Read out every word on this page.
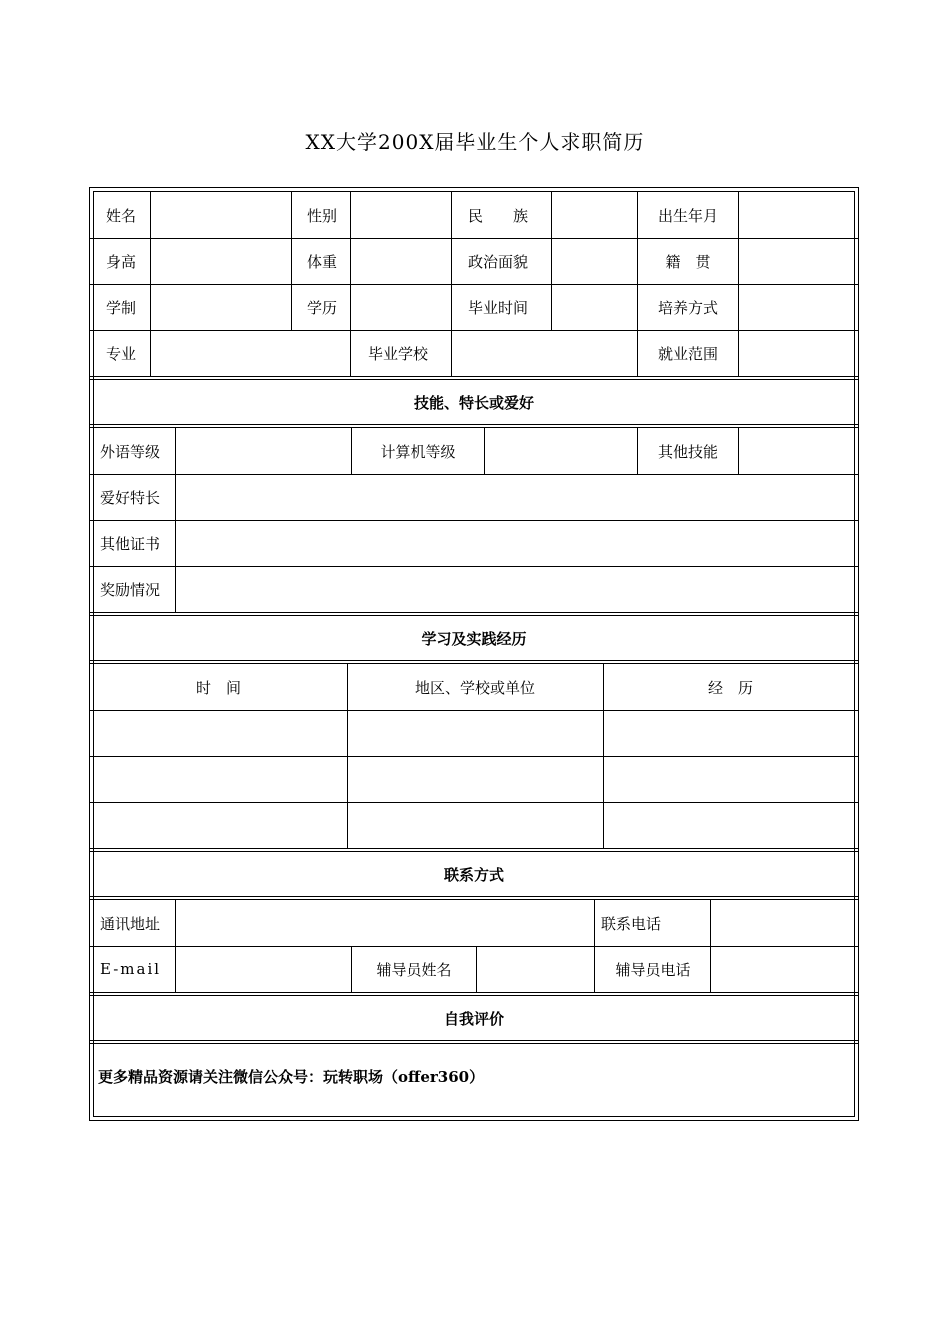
XX大学200X届毕业生个人求职简历
姓名	性别	民　　族	出生年月
身高	体重	政治面貌	籍　贯
学制	学历	毕业时间	培养方式
专业	毕业学校	就业范围
技能、特长或爱好
外语等级	计算机等级	其他技能
爱好特长
其他证书
奖励情况
学习及实践经历
时　间	地区、学校或单位	经　历
联系方式
通讯地址	联系电话
E-mail	辅导员姓名	辅导员电话
自我评价
更多精品资源请关注微信公众号：玩转职场（offer360）
